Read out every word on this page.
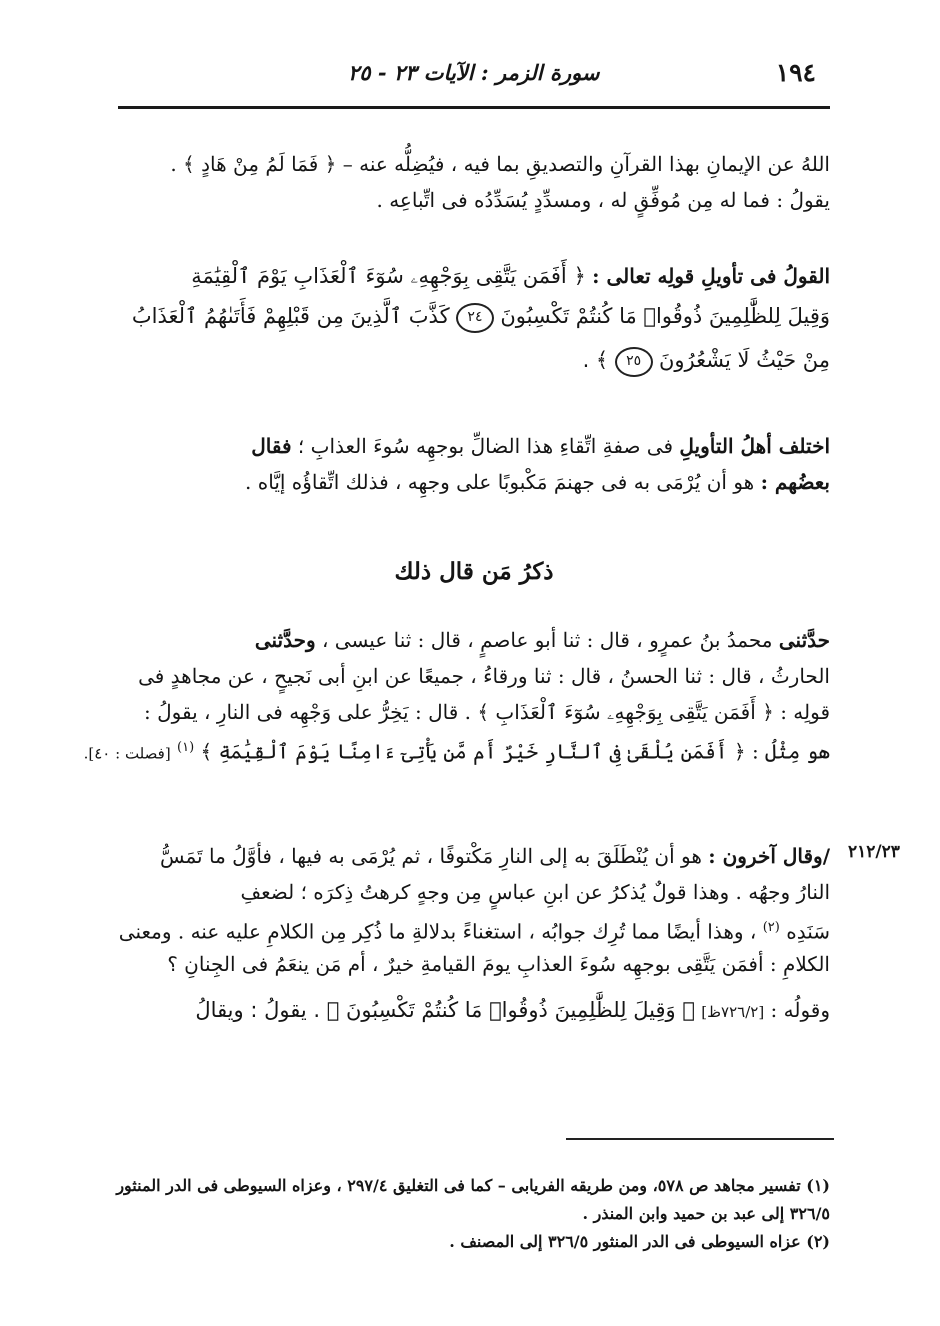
١٩٤
سورة الزمر : الآيات ٢٣ - ٢٥
اللهُ عن الإيمانِ بهذا القرآنِ والتصديقِ بما فيه ، فيُضِلُّه عنه – ﴿ فَمَا لَمُ مِنْ هَادٍ ﴾ .
يقولُ : فما له مِن مُوفِّقٍ له ، ومسدِّدٍ يُسَدِّدُه فى اتِّباعِه .
القولُ فى تأويلِ قولِه تعالى : ﴿ أَفَمَن يَتَّقِى بِوَجْهِهِۦ سُوٓءَ ٱلْعَذَابِ يَوْمَ ٱلْقِيَٰمَةِ
وَقِيلَ لِلظَّٰلِمِينَ ذُوقُوا۟ مَا كُنتُمْ تَكْسِبُونَ ٢٤ كَذَّبَ ٱلَّذِينَ مِن قَبْلِهِمْ فَأَتَىٰهُمُ ٱلْعَذَابُ
مِنْ حَيْثُ لَا يَشْعُرُونَ ٢٥ ﴾ .
اختلف أهلُ التأويلِ فى صفةِ اتِّقاءِ هذا الضالِّ بوجهِه سُوءَ العذابِ ؛ فقال
بعضُهم : هو أن يُرْمَى به فى جهنمَ مَكْبوبًا على وجهِه ، فذلك اتِّقاؤُه إيَّاه .
ذكرُ مَن قال ذلك
حدَّثنى محمدُ بنُ عمرٍو ، قال : ثنا أبو عاصمٍ ، قال : ثنا عيسى ، وحدَّثنى
الحارثُ ، قال : ثنا الحسنُ ، قال : ثنا ورقاءُ ، جميعًا عن ابنِ أبى نَجيحٍ ، عن مجاهدٍ فى
قولِه : ﴿ أَفَمَن يَتَّقِى بِوَجْهِهِۦ سُوٓءَ ٱلْعَذَابِ ﴾ . قال : يَخِرُّ على وَجْهِه فى النارِ ، يقولُ :
هو مِثْلُ : ﴿ أَفَمَن يُلْقَىٰ فِى ٱلنَّارِ خَيْرٌ أَم مَّن يَأْتِىٓ ءَامِنًا يَوْمَ ٱلْقِيَٰمَةِ ﴾ $^{(١)}$ [فصلت : ٤٠].
٢١٢/٢٣
/وقال آخرون : هو أن يُنْطَلَقَ به إلى النارِ مَكْتوفًا ، ثم يُرْمَى به فيها ، فأوَّلُ ما تَمَسُّ
النارُ وجهُه . وهذا قولٌ يُذكرُ عن ابنِ عباسٍ مِن وجهٍ كرهتُ ذِكرَه ؛ لضعفِ
سَنَدِه $^{(٢)}$ ، وهذا أيضًا مما تُرِك جوابُه ، استغناءً بدلالةِ ما ذُكِر مِن الكلامِ عليه عنه . ومعنى
الكلامِ : أفمَن يَتَّقِى بوجهِه سُوءَ العذابِ يومَ القيامةِ خيرٌ ، أم مَن ينعَمُ فى الجِنانِ ؟
وقولُه : [٧٢٦/٢ظ] ﴿ وَقِيلَ لِلظَّٰلِمِينَ ذُوقُوا۟ مَا كُنتُمْ تَكْسِبُونَ ﴾ . يقولُ : ويقالُ
(١) تفسير مجاهد ص ٥٧٨، ومن طريقه الفريابى – كما فى التغليق ٢٩٧/٤ ، وعزاه السيوطى فى الدر المنثور
٣٢٦/٥ إلى عبد بن حميد وابن المنذر .
(٢) عزاه السيوطى فى الدر المنثور ٣٢٦/٥ إلى المصنف .
